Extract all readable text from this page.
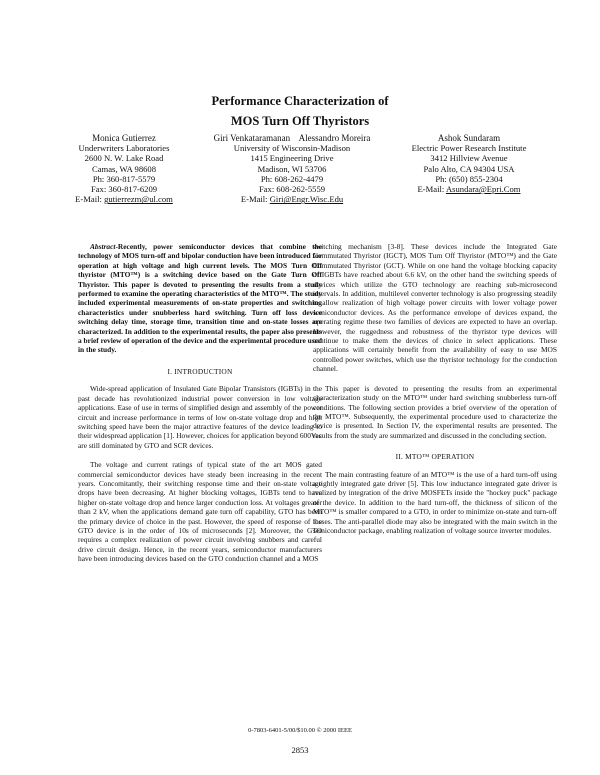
Performance Characterization of
MOS Turn Off Thyristors
Monica Gutierrez
Underwriters Laboratories
2600 N. W. Lake Road
Camas, WA 98608
Ph: 360-817-5579
Fax: 360-817-6209
E-Mail: gutierrezm@ul.com
Giri Venkataramanan    Alessandro Moreira
University of Wisconsin-Madison
1415 Engineering Drive
Madison, WI 53706
Ph: 608-262-4479
Fax: 608-262-5559
E-Mail: Giri@Engr.Wisc.Edu
Ashok Sundaram
Electric Power Research Institute
3412 Hillview Avenue
Palo Alto, CA 94304 USA
Ph: (650) 855-2304
E-Mail: Asundara@Epri.Com

Abstract-Recently, power semiconductor devices that combine the technology of MOS turn-off and bipolar conduction have been introduced for operation at high voltage and high current levels. The MOS Turn Off thyristor (MTO™) is a switching device based on the Gate Turn Off Thyristor. This paper is devoted to presenting the results from a study performed to examine the operating characteristics of the MTO™. The study included experimental measurements of on-state properties and switching characteristics under snubberless hard switching. Turn off loss device switching delay time, storage time, transition time and on-state losses are characterized. In addition to the experimental results, the paper also presents a brief review of operation of the device and the experimental procedure used in the study.

I. INTRODUCTION

Wide-spread application of Insulated Gate Bipolar Transistors (IGBTs) in the past decade has revolutionized industrial power conversion in low voltage applications. Ease of use in terms of simplified design and assembly of the power circuit and increase performance in terms of low on-state voltage drop and high switching speed have been the major attractive features of the device leading to their widespread application [1]. However, choices for application beyond 600Vac are still dominated by GTO and SCR devices.

The voltage and current ratings of typical state of the art MOS gated commercial semiconductor devices have steady been increasing in the recent years. Concomitantly, their switching response time and their on-state voltage drops have been decreasing. At higher blocking voltages, IGBTs tend to have higher on-state voltage drop and hence larger conduction loss. At voltages greater than 2 kV, when the applications demand gate turn off capability, GTO has been the primary device of choice in the past. However, the speed of response of the GTO device is in the order of 10s of microseconds [2]. Moreover, the GTO requires a complex realization of power circuit involving snubbers and careful drive circuit design. Hence, in the recent years, semiconductor manufacturers have been introducing devices based on the GTO conduction channel and a MOS

switching mechanism [3-8]. These devices include the Integrated Gate Commutated Thyristor (IGCT), MOS Turn Off Thyristor (MTO™) and the Gate Commutated Thyristor (GCT). While on one hand the voltage blocking capacity of IGBTs have reached about 6.6 kV, on the other hand the switching speeds of devices which utilize the GTO technology are reaching sub-microsecond intervals. In addition, multilevel converter technology is also progressing steadily to allow realization of high voltage power circuits with lower voltage power semiconductor devices. As the performance envelope of devices expand, the operating regime these two families of devices are expected to have an overlap. However, the ruggedness and robustness of the thyristor type devices will continue to make them the devices of choice in select applications. These applications will certainly benefit from the availability of easy to use MOS controlled power switches, which use the thyristor technology for the conduction channel.

This paper is devoted to presenting the results from an experimental characterization study on the MTO™ under hard switching snubberless turn-off conditions. The following section provides a brief overview of the operation of the MTO™. Subsequently, the experimental procedure used to characterize the device is presented. In Section IV, the experimental results are presented. The results from the study are summarized and discussed in the concluding section.

II. MTO™ OPERATION

The main contrasting feature of an MTO™ is the use of a hard turn-off using a tightly integrated gate driver [5]. This low inductance integrated gate driver is realized by integration of the drive MOSFETs inside the "hockey puck" package of the device. In addition to the hard turn-off, the thickness of silicon of the MTO™ is smaller compared to a GTO, in order to minimize on-state and turn-off losses. The anti-parallel diode may also be integrated with the main switch in the semiconductor package, enabling realization of voltage source inverter modules.

0-7803-6401-5/00/$10.00 © 2000 IEEE
2853
